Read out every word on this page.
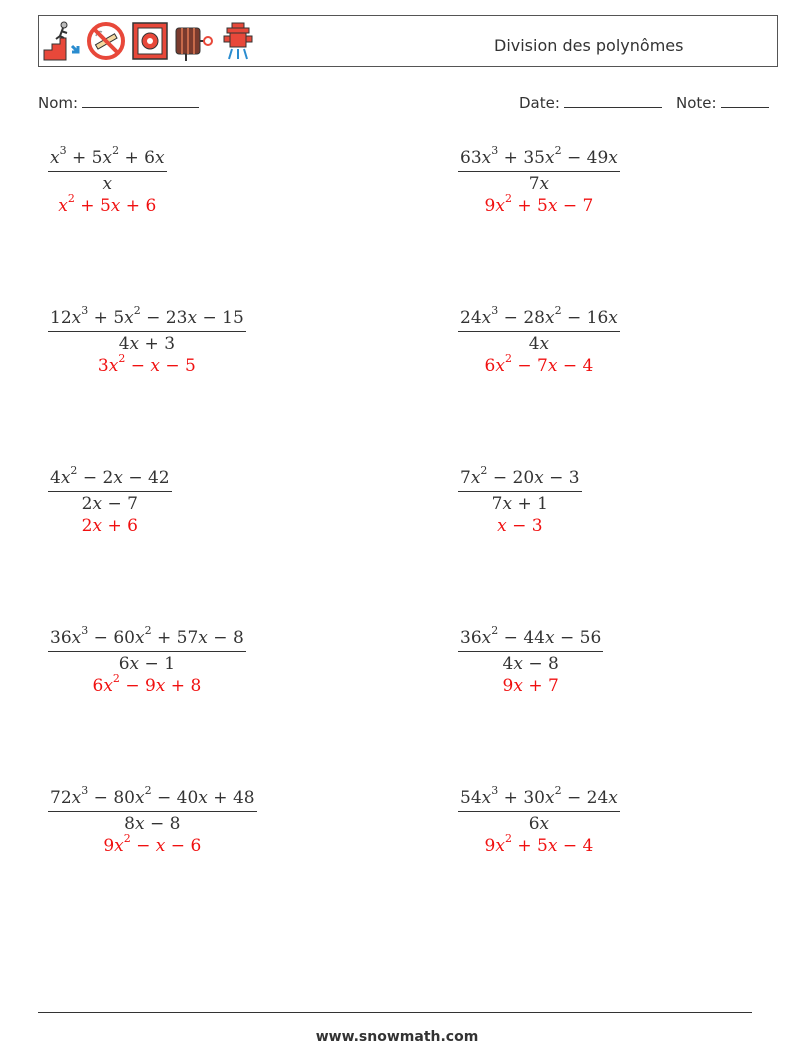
Division des polynômes
Nom:	Date:	Note:
$x^3 + 5x^2 + 6x$
x
$x^2 + 5x + 6$
$63x^3 + 35x^2 - 49x$
7x
$9x^2 + 5x - 7$
$12x^3 + 5x^2 - 23x - 15$
4x + 3
$3x^2 - x - 5$
$24x^3 - 28x^2 - 16x$
4x
$6x^2 - 7x - 4$
$4x^2 - 2x - 42$
2x − 7
2x + 6
$7x^2 - 20x - 3$
7x + 1
x − 3
$36x^3 - 60x^2 + 57x - 8$
6x − 1
$6x^2 - 9x + 8$
$36x^2 - 44x - 56$
4x − 8
9x + 7
$72x^3 - 80x^2 - 40x + 48$
8x − 8
$9x^2 - x - 6$
$54x^3 + 30x^2 - 24x$
6x
$9x^2 + 5x - 4$
www.snowmath.com
